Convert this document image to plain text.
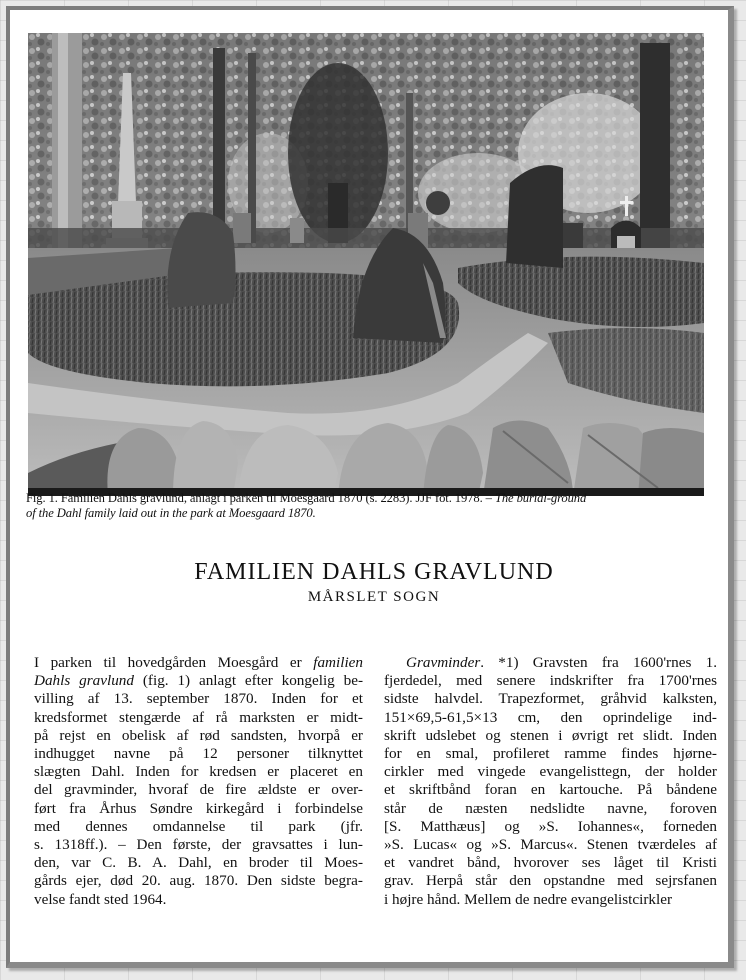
Fig. 1. Familien Dahls gravlund, anlagt i parken til Moesgaard 1870 (s. 2283). JJF fot. 1978. – The burial-ground
of the Dahl family laid out in the park at Moesgaard 1870.
FAMILIEN DAHLS GRAVLUND
MÅRSLET SOGN
I parken til hovedgården Moesgård er familien
Dahls gravlund (fig. 1) anlagt efter kongelig be-
villing af 13. september 1870. Inden for et
kredsformet stengærde af rå marksten er midt-
på rejst en obelisk af rød sandsten, hvorpå er
indhugget navne på 12 personer tilknyttet
slægten Dahl. Inden for kredsen er placeret en
del gravminder, hvoraf de fire ældste er over-
ført fra Århus Søndre kirkegård i forbindelse
med dennes omdannelse til park (jfr.
s. 1318ff.). – Den første, der gravsattes i lun-
den, var C. B. A. Dahl, en broder til Moes-
gårds ejer, død 20. aug. 1870. Den sidste begra-
velse fandt sted 1964.
Gravminder. *1) Gravsten fra 1600'rnes 1.
fjerdedel, med senere indskrifter fra 1700'rnes
sidste halvdel. Trapezformet, gråhvid kalksten,
151×69,5-61,5×13 cm, den oprindelige ind-
skrift udslebet og stenen i øvrigt ret slidt. Inden
for en smal, profileret ramme findes hjørne-
cirkler med vingede evangelisttegn, der holder
et skriftbånd foran en kartouche. På båndene
står de næsten nedslidte navne, foroven
[S. Matthæus] og »S. Iohannes«, forneden
»S. Lucas« og »S. Marcus«. Stenen tværdeles af
et vandret bånd, hvorover ses låget til Kristi
grav. Herpå står den opstandne med sejrsfanen
i højre hånd. Mellem de nedre evangelistcirkler
